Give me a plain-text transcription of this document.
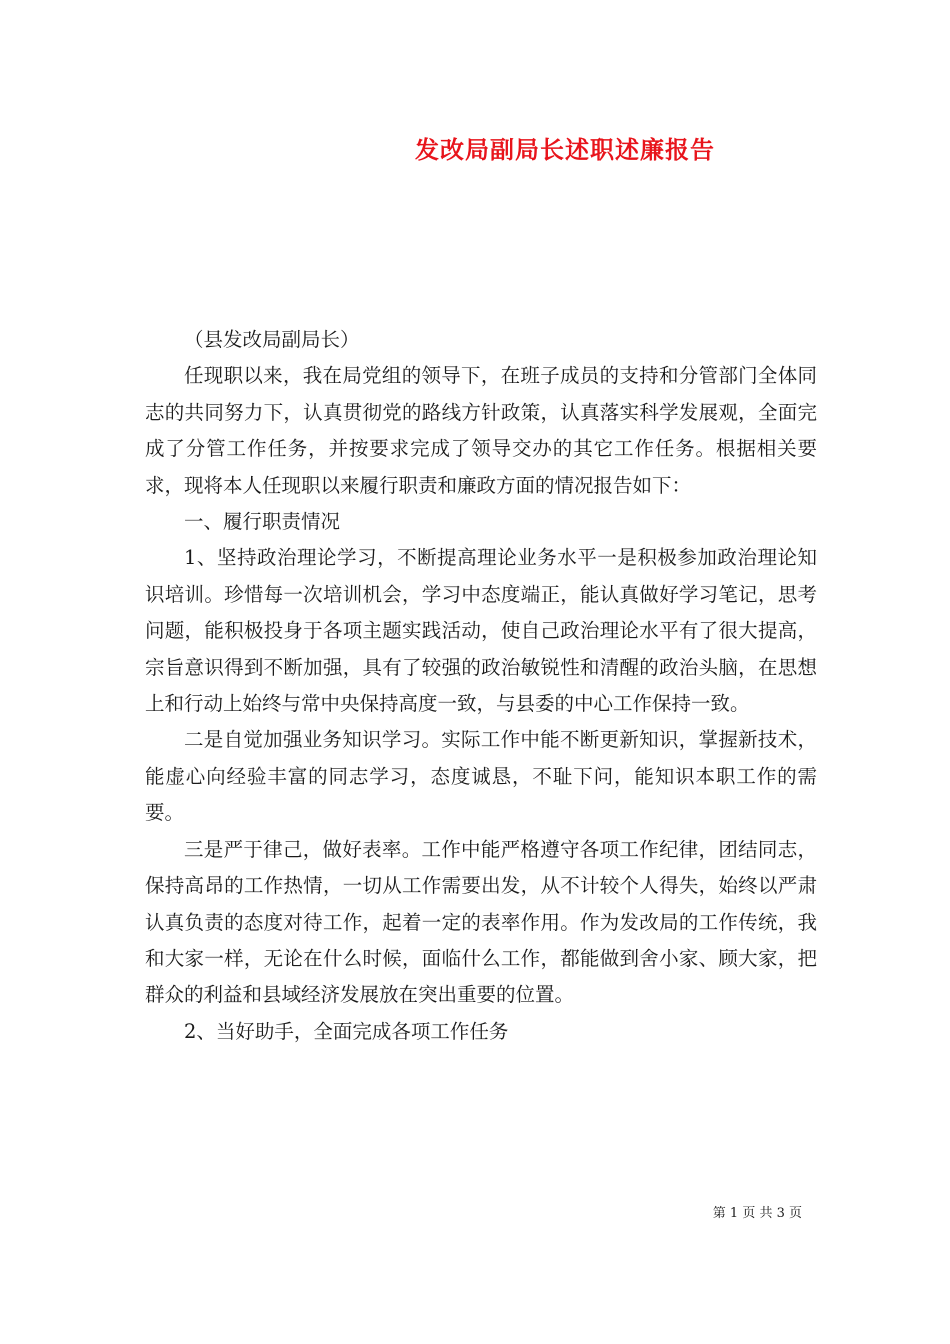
发改局副局长述职述廉报告

（县发改局副局长）

任现职以来，我在局党组的领导下，在班子成员的支持和分管部门全体同志的共同努力下，认真贯彻党的路线方针政策，认真落实科学发展观，全面完成了分管工作任务，并按要求完成了领导交办的其它工作任务。根据相关要求，现将本人任现职以来履行职责和廉政方面的情况报告如下：

一、履行职责情况

1、坚持政治理论学习，不断提高理论业务水平一是积极参加政治理论知识培训。珍惜每一次培训机会，学习中态度端正，能认真做好学习笔记，思考问题，能积极投身于各项主题实践活动，使自己政治理论水平有了很大提高，宗旨意识得到不断加强，具有了较强的政治敏锐性和清醒的政治头脑，在思想上和行动上始终与常中央保持高度一致，与县委的中心工作保持一致。

二是自觉加强业务知识学习。实际工作中能不断更新知识，掌握新技术，能虚心向经验丰富的同志学习，态度诚恳，不耻下问，能知识本职工作的需要。

三是严于律己，做好表率。工作中能严格遵守各项工作纪律，团结同志，保持高昂的工作热情，一切从工作需要出发，从不计较个人得失，始终以严肃认真负责的态度对待工作，起着一定的表率作用。作为发改局的工作传统，我和大家一样，无论在什么时候，面临什么工作，都能做到舍小家、顾大家，把群众的利益和县域经济发展放在突出重要的位置。

2、当好助手，全面完成各项工作任务

第 1 页 共 3 页
